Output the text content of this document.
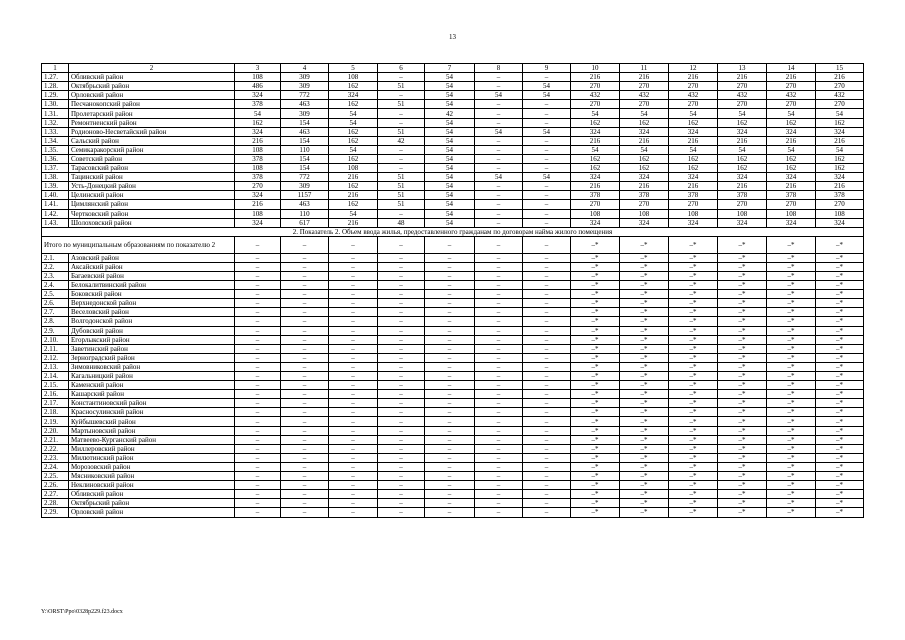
13
1	2	3	4	5	6	7	8	9	10	11	12	13	14	15
1.27.	Обливский район	108	309	108	–	54	–	–	216	216	216	216	216	216
1.28.	Октябрьский район	486	309	162	51	54	–	54	270	270	270	270	270	270
1.29.	Орловский район	324	772	324	–	54	54	54	432	432	432	432	432	432
1.30.	Песчанокопский район	378	463	162	51	54	–	–	270	270	270	270	270	270
1.31.	Пролетарский район	54	309	54	–	42	–	–	54	54	54	54	54	54
1.32.	Ремонтненский район	162	154	54	–	54	–	–	162	162	162	162	162	162
1.33.	Родионово-Несветайский район	324	463	162	51	54	54	54	324	324	324	324	324	324
1.34.	Сальский район	216	154	162	42	54	–	–	216	216	216	216	216	216
1.35.	Семикаракорский район	108	110	54	–	54	–	–	54	54	54	54	54	54
1.36.	Советский район	378	154	162	–	54	–	–	162	162	162	162	162	162
1.37.	Тарасовский район	108	154	108	–	54	–	–	162	162	162	162	162	162
1.38.	Тацинский район	378	772	216	51	54	54	54	324	324	324	324	324	324
1.39.	Усть-Донецкий район	270	309	162	51	54	–	–	216	216	216	216	216	216
1.40.	Целинский район	324	1157	216	51	54	–	–	378	378	378	378	378	378
1.41.	Цимлянский район	216	463	162	51	54	–	–	270	270	270	270	270	270
1.42.	Чертковский район	108	110	54	–	54	–	–	108	108	108	108	108	108
1.43.	Шолоховский район	324	617	216	48	54	–	–	324	324	324	324	324	324
2. Показатель 2. Объем ввода жилья, предоставленного гражданам по договорам найма жилого помещения														
Итого по муниципальным образованиям по показателю 2		–	–	–	–	–	–	–	–*	–*	–*	–*	–*	–*
2.1.	Азовский район	–	–	–	–	–	–	–	–*	–*	–*	–*	–*	–*
2.2.	Аксайский район	–	–	–	–	–	–	–	–*	–*	–*	–*	–*	–*
2.3.	Багаевский район	–	–	–	–	–	–	–	–*	–*	–*	–*	–*	–*
2.4.	Белокалитвинский район	–	–	–	–	–	–	–	–*	–*	–*	–*	–*	–*
2.5.	Боковский район	–	–	–	–	–	–	–	–*	–*	–*	–*	–*	–*
2.6.	Верхнедонской район	–	–	–	–	–	–	–	–*	–*	–*	–*	–*	–*
2.7.	Веселовский район	–	–	–	–	–	–	–	–*	–*	–*	–*	–*	–*
2.8.	Волгодонской район	–	–	–	–	–	–	–	–*	–*	–*	–*	–*	–*
2.9.	Дубовский район	–	–	–	–	–	–	–	–*	–*	–*	–*	–*	–*
2.10.	Егорлыкский район	–	–	–	–	–	–	–	–*	–*	–*	–*	–*	–*
2.11.	Заветинский район	–	–	–	–	–	–	–	–*	–*	–*	–*	–*	–*
2.12.	Зерноградский район	–	–	–	–	–	–	–	–*	–*	–*	–*	–*	–*
2.13.	Зимовниковский район	–	–	–	–	–	–	–	–*	–*	–*	–*	–*	–*
2.14.	Кагальницкий район	–	–	–	–	–	–	–	–*	–*	–*	–*	–*	–*
2.15.	Каменский район	–	–	–	–	–	–	–	–*	–*	–*	–*	–*	–*
2.16.	Кашарский район	–	–	–	–	–	–	–	–*	–*	–*	–*	–*	–*
2.17.	Константиновский район	–	–	–	–	–	–	–	–*	–*	–*	–*	–*	–*
2.18.	Красносулинский район	–	–	–	–	–	–	–	–*	–*	–*	–*	–*	–*
2.19.	Куйбышевский район	–	–	–	–	–	–	–	–*	–*	–*	–*	–*	–*
2.20.	Мартыновский район	–	–	–	–	–	–	–	–*	–*	–*	–*	–*	–*
2.21.	Матвеево-Курганский район	–	–	–	–	–	–	–	–*	–*	–*	–*	–*	–*
2.22.	Миллеровский район	–	–	–	–	–	–	–	–*	–*	–*	–*	–*	–*
2.23.	Милютинский район	–	–	–	–	–	–	–	–*	–*	–*	–*	–*	–*
2.24.	Морозовский район	–	–	–	–	–	–	–	–*	–*	–*	–*	–*	–*
2.25.	Мясниковский район	–	–	–	–	–	–	–	–*	–*	–*	–*	–*	–*
2.26.	Неклиновский район	–	–	–	–	–	–	–	–*	–*	–*	–*	–*	–*
2.27.	Обливский район	–	–	–	–	–	–	–	–*	–*	–*	–*	–*	–*
2.28.	Октябрьский район	–	–	–	–	–	–	–	–*	–*	–*	–*	–*	–*
2.29.	Орловский район	–	–	–	–	–	–	–	–*	–*	–*	–*	–*	–*
Y:\ORST\Ppo\0328p229.f23.docx
